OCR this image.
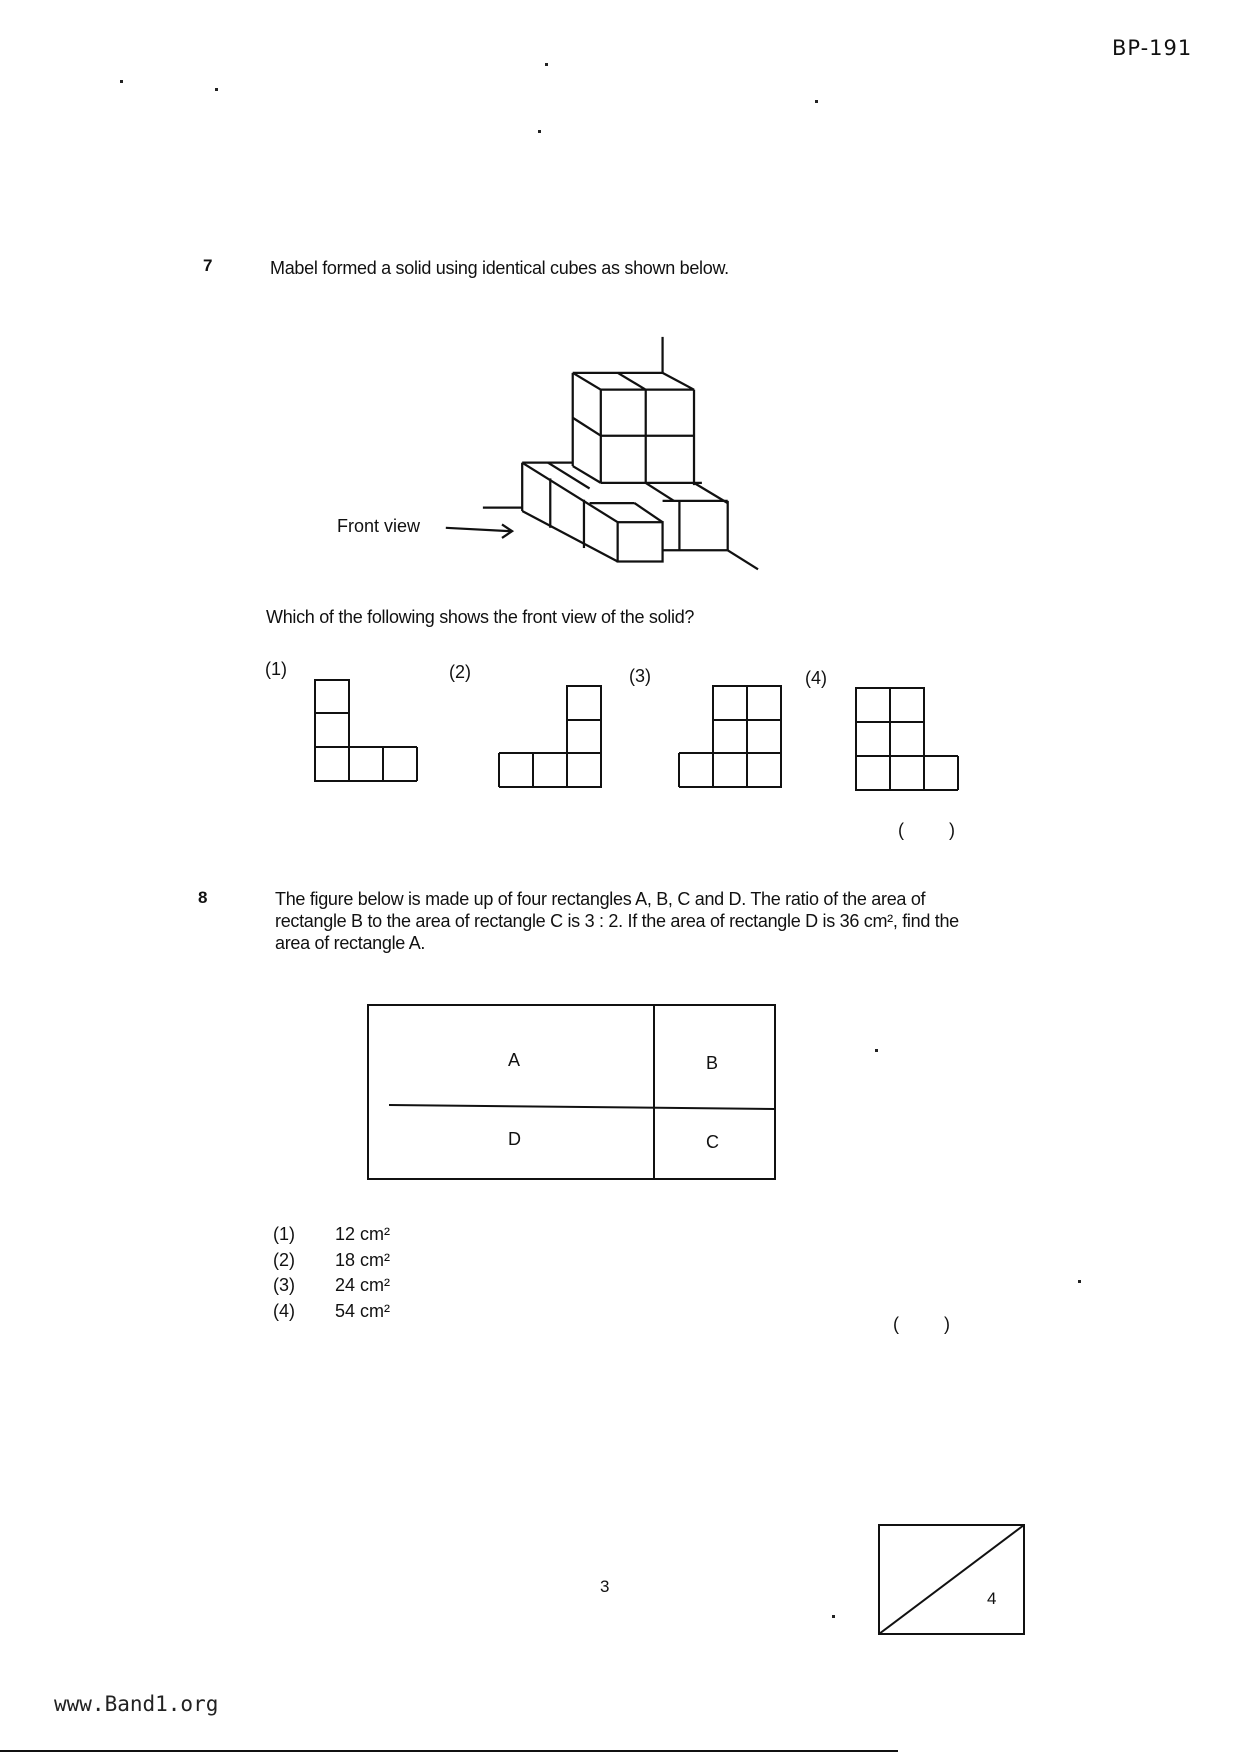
BP-191
7	Mabel formed a solid using identical cubes as shown below.
Front view
Which of the following shows the front view of the solid?
(1)	(2)	(3)	(4)
( )
8	The figure below is made up of four rectangles A, B, C and D. The ratio of the area of rectangle B to the area of rectangle C is 3 : 2. If the area of rectangle D is 36 cm², find the area of rectangle A.
A	B
D	C
(1) 12 cm²
(2) 18 cm²
(3) 24 cm²
(4) 54 cm²
( )
3
4
www.Band1.org
